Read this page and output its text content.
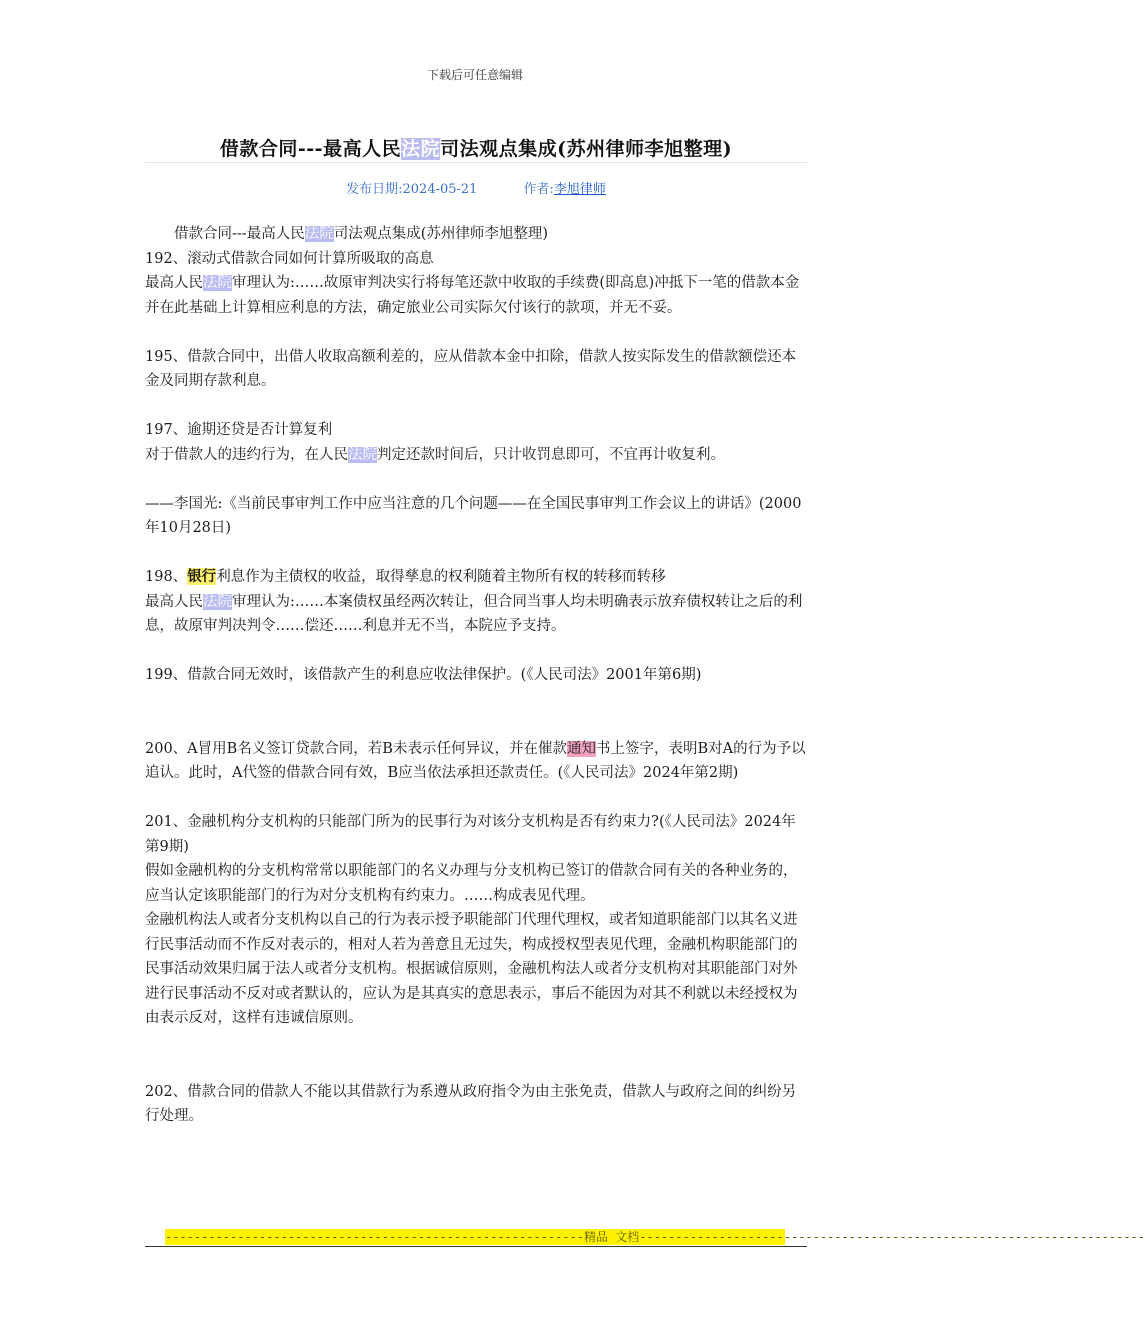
下载后可任意编辑
借款合同---最高人民法院司法观点集成(苏州律师李旭整理)
发布日期:2024-05-21	作者:李旭律师

借款合同---最高人民法院司法观点集成(苏州律师李旭整理)

192、滚动式借款合同如何计算所吸取的高息

最高人民法院审理认为:……故原审判决实行将每笔还款中收取的手续费(即高息)冲抵下一笔的借款本金并在此基础上计算相应利息的方法，确定旅业公司实际欠付该行的款项，并无不妥。

195、借款合同中，出借人收取高额利差的，应从借款本金中扣除，借款人按实际发生的借款额偿还本金及同期存款利息。

197、逾期还贷是否计算复利

对于借款人的违约行为，在人民法院判定还款时间后，只计收罚息即可，不宜再计收复利。

——李国光:《当前民事审判工作中应当注意的几个问题——在全国民事审判工作会议上的讲话》(2000年10月28日)

198、银行利息作为主债权的收益，取得孳息的权利随着主物所有权的转移而转移

最高人民法院审理认为:……本案债权虽经两次转让，但合同当事人均未明确表示放弃债权转让之后的利息，故原审判决判令……偿还……利息并无不当，本院应予支持。

199、借款合同无效时，该借款产生的利息应收法律保护。(《人民司法》2001年第6期)

200、A冒用B名义签订贷款合同，若B未表示任何异议，并在催款通知书上签字，表明B对A的行为予以追认。此时，A代签的借款合同有效，B应当依法承担还款责任。(《人民司法》2024年第2期)

201、金融机构分支机构的只能部门所为的民事行为对该分支机构是否有约束力?(《人民司法》2024年第9期)

假如金融机构的分支机构常常以职能部门的名义办理与分支机构已签订的借款合同有关的各种业务的，应当认定该职能部门的行为对分支机构有约束力。……构成表见代理。

金融机构法人或者分支机构以自己的行为表示授予职能部门代理代理权，或者知道职能部门以其名义进行民事活动而不作反对表示的，相对人若为善意且无过失，构成授权型表见代理，金融机构职能部门的民事活动效果归属于法人或者分支机构。根据诚信原则，金融机构法人或者分支机构对其职能部门对外进行民事活动不反对或者默认的，应认为是其真实的意思表示，事后不能因为对其不利就以未经授权为由表示反对，这样有违诚信原则。

202、借款合同的借款人不能以其借款行为系遵从政府指令为由主张免责，借款人与政府之间的纠纷另行处理。

----------------------------------------------------------精品 文档----------------------------------------------------------------------
